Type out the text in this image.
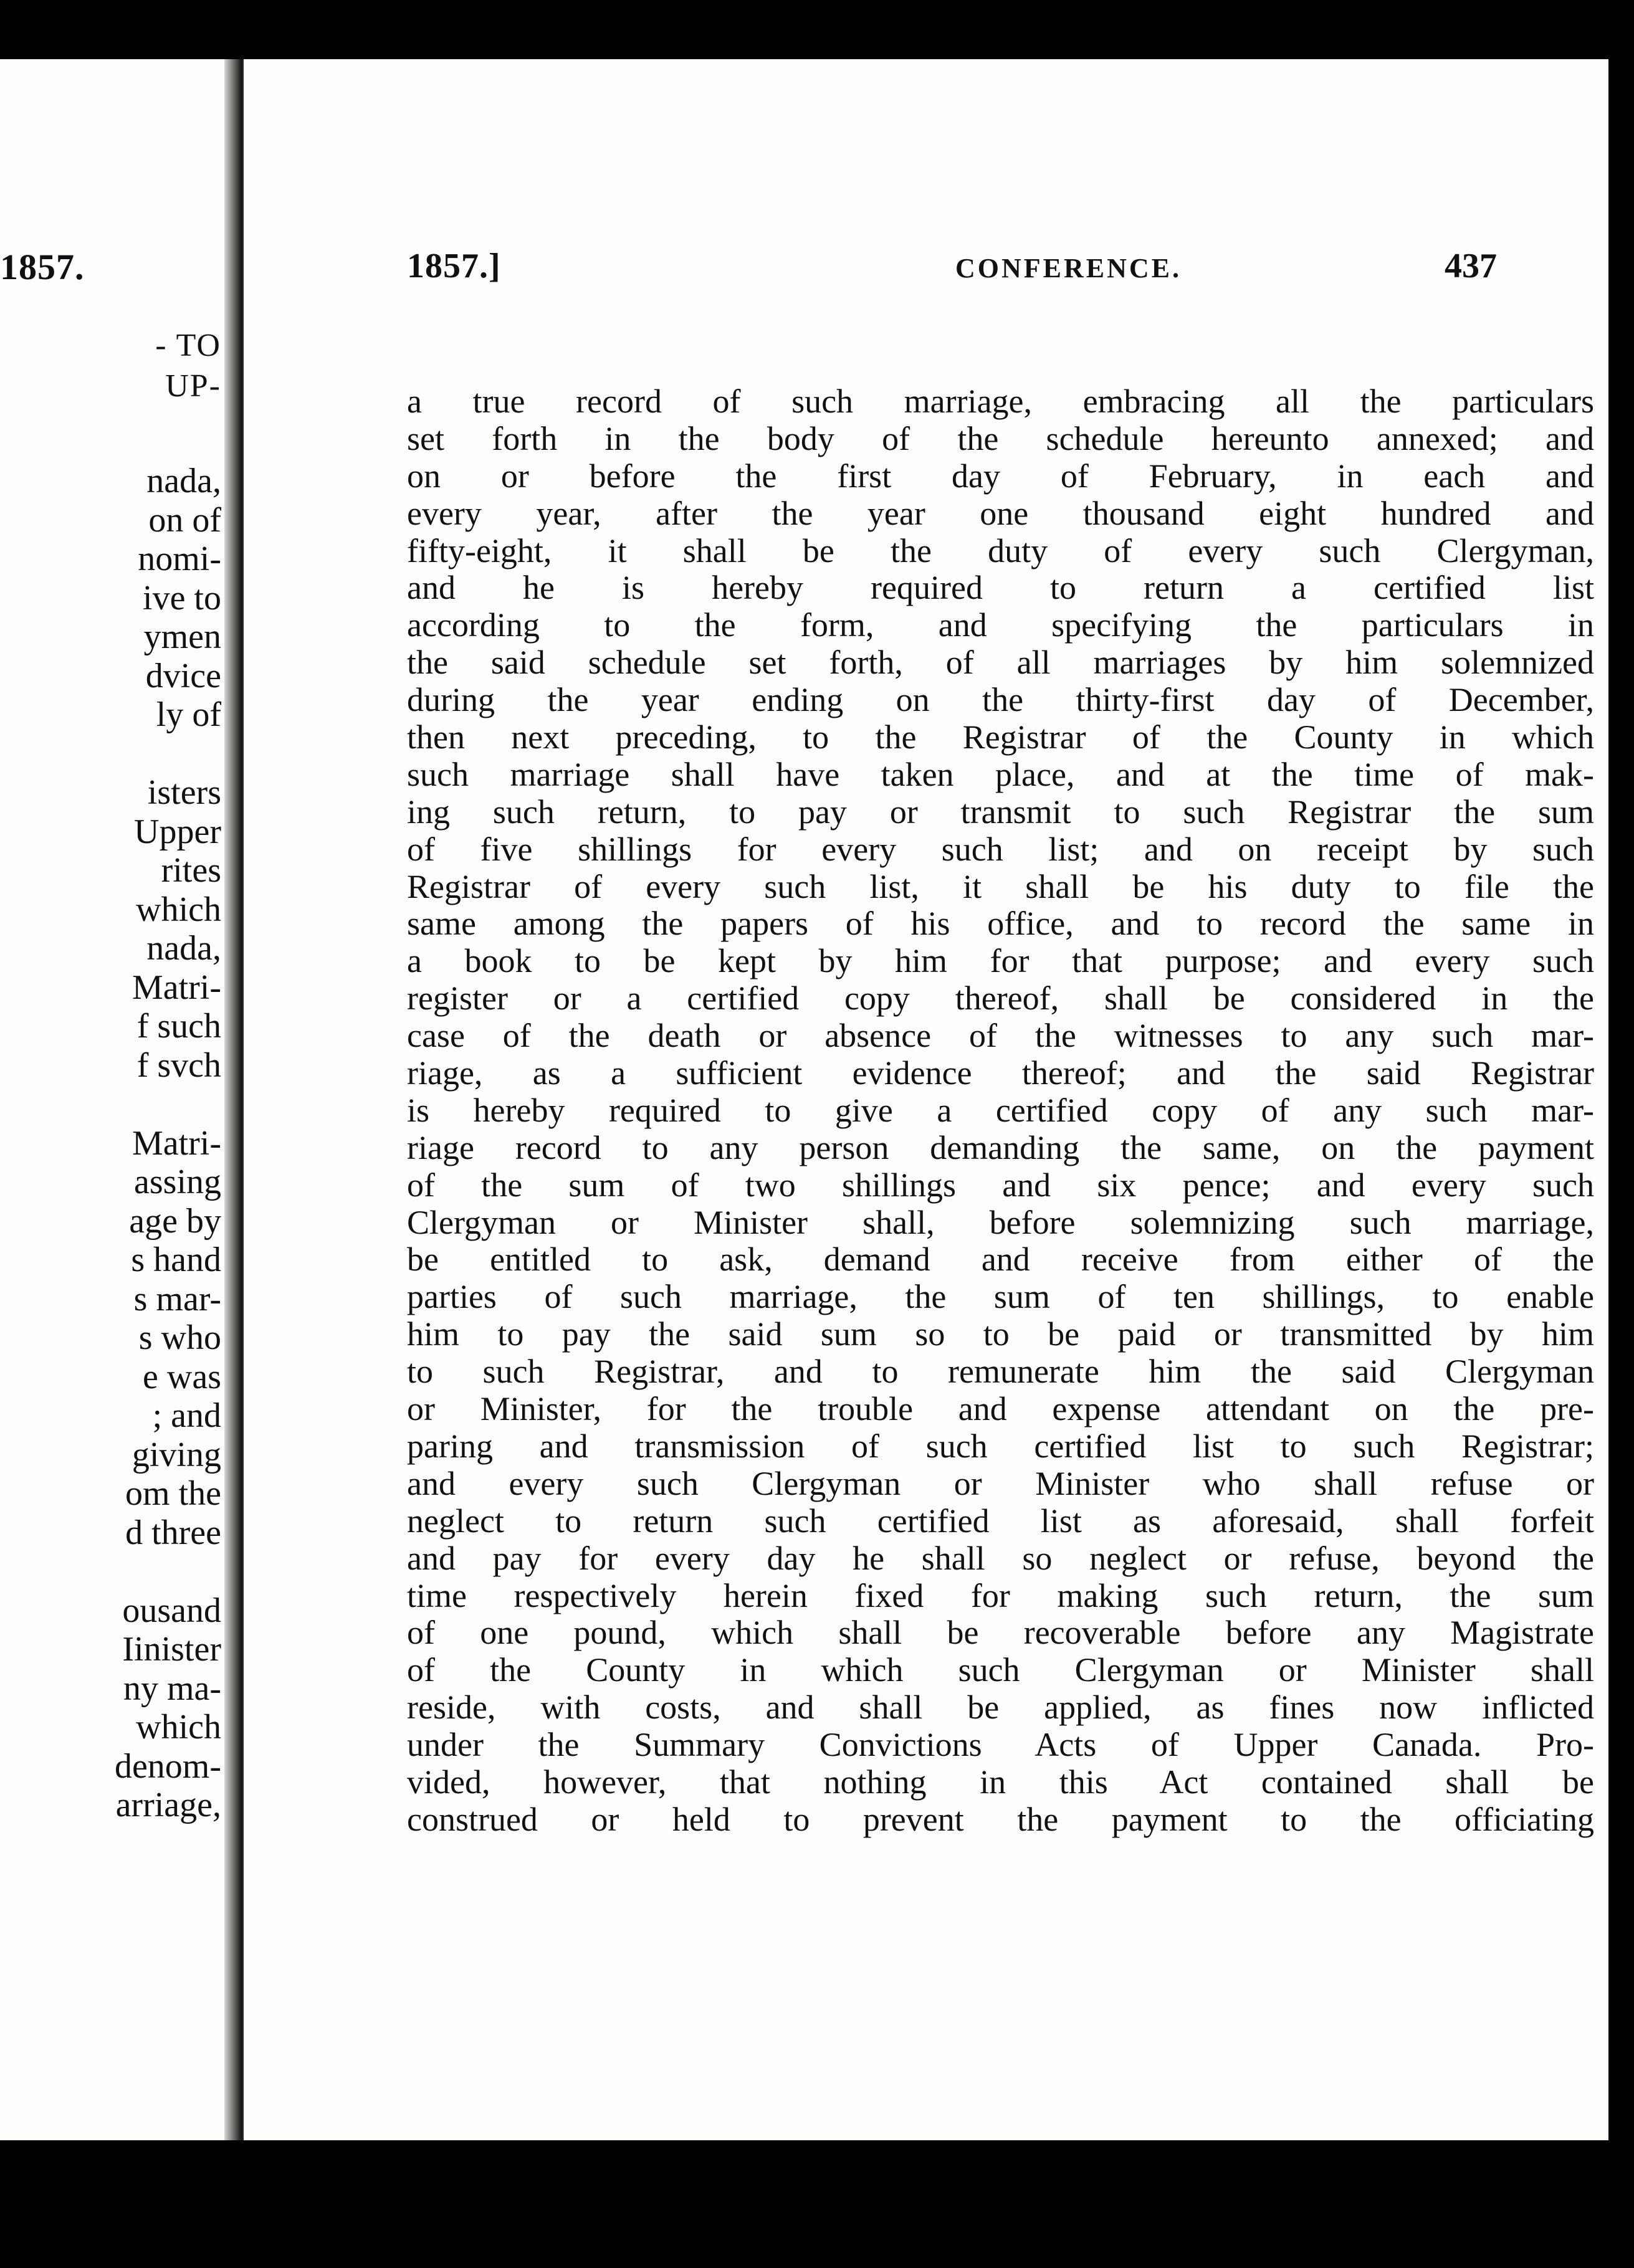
1857.
- TO
UP-
nada,
on of
nomi-
ive to
ymen
dvice
ly of
isters
Upper
rites
which
nada,
Matri-
f such
f svch
Matri-
assing
age by
s hand
s mar-
s who
e was
; and
giving
om the
d three
ousand
Iinister
ny ma-
which
denom-
arriage,
1857.]	CONFERENCE.	437
a true record of such marriage, embracing all the particulars
set forth in the body of the schedule hereunto annexed; and
on or before the first day of February, in each and
every year, after the year one thousand eight hundred and
fifty-eight, it shall be the duty of every such Clergyman,
and he is hereby required to return a certified list
according to the form, and specifying the particulars in
the said schedule set forth, of all marriages by him solemnized
during the year ending on the thirty-first day of December,
then next preceding, to the Registrar of the County in which
such marriage shall have taken place, and at the time of mak-
ing such return, to pay or transmit to such Registrar the sum
of five shillings for every such list; and on receipt by such
Registrar of every such list, it shall be his duty to file the
same among the papers of his office, and to record the same in
a book to be kept by him for that purpose; and every such
register or a certified copy thereof, shall be considered in the
case of the death or absence of the witnesses to any such mar-
riage, as a sufficient evidence thereof; and the said Registrar
is hereby required to give a certified copy of any such mar-
riage record to any person demanding the same, on the payment
of the sum of two shillings and six pence; and every such
Clergyman or Minister shall, before solemnizing such marriage,
be entitled to ask, demand and receive from either of the
parties of such marriage, the sum of ten shillings, to enable
him to pay the said sum so to be paid or transmitted by him
to such Registrar, and to remunerate him the said Clergyman
or Minister, for the trouble and expense attendant on the pre-
paring and transmission of such certified list to such Registrar;
and every such Clergyman or Minister who shall refuse or
neglect to return such certified list as aforesaid, shall forfeit
and pay for every day he shall so neglect or refuse, beyond the
time respectively herein fixed for making such return, the sum
of one pound, which shall be recoverable before any Magistrate
of the County in which such Clergyman or Minister shall
reside, with costs, and shall be applied, as fines now inflicted
under the Summary Convictions Acts of Upper Canada. Pro-
vided, however, that nothing in this Act contained shall be
construed or held to prevent the payment to the officiating
